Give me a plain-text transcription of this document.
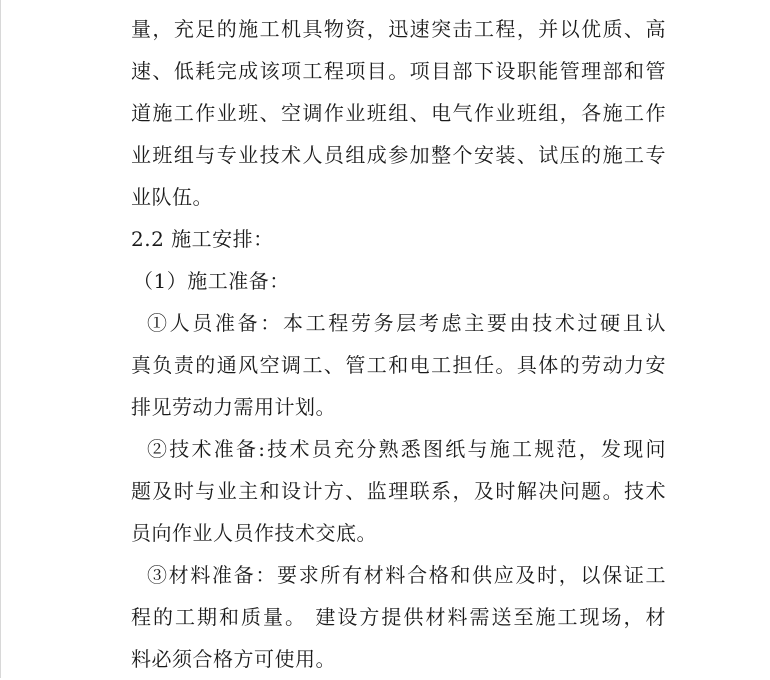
量，充足的施工机具物资，迅速突击工程，并以优质、高
速、低耗完成该项工程项目。项目部下设职能管理部和管
道施工作业班、空调作业班组、电气作业班组，各施工作
业班组与专业技术人员组成参加整个安装、试压的施工专
业队伍。
2.2 施工安排：
（1）施工准备：
①人员准备：本工程劳务层考虑主要由技术过硬且认
真负责的通风空调工、管工和电工担任。具体的劳动力安
排见劳动力需用计划。
②技术准备:技术员充分熟悉图纸与施工规范，发现问
题及时与业主和设计方、监理联系，及时解决问题。技术
员向作业人员作技术交底。
③材料准备：要求所有材料合格和供应及时，以保证工
程的工期和质量。 建设方提供材料需送至施工现场，材
料必须合格方可使用。
